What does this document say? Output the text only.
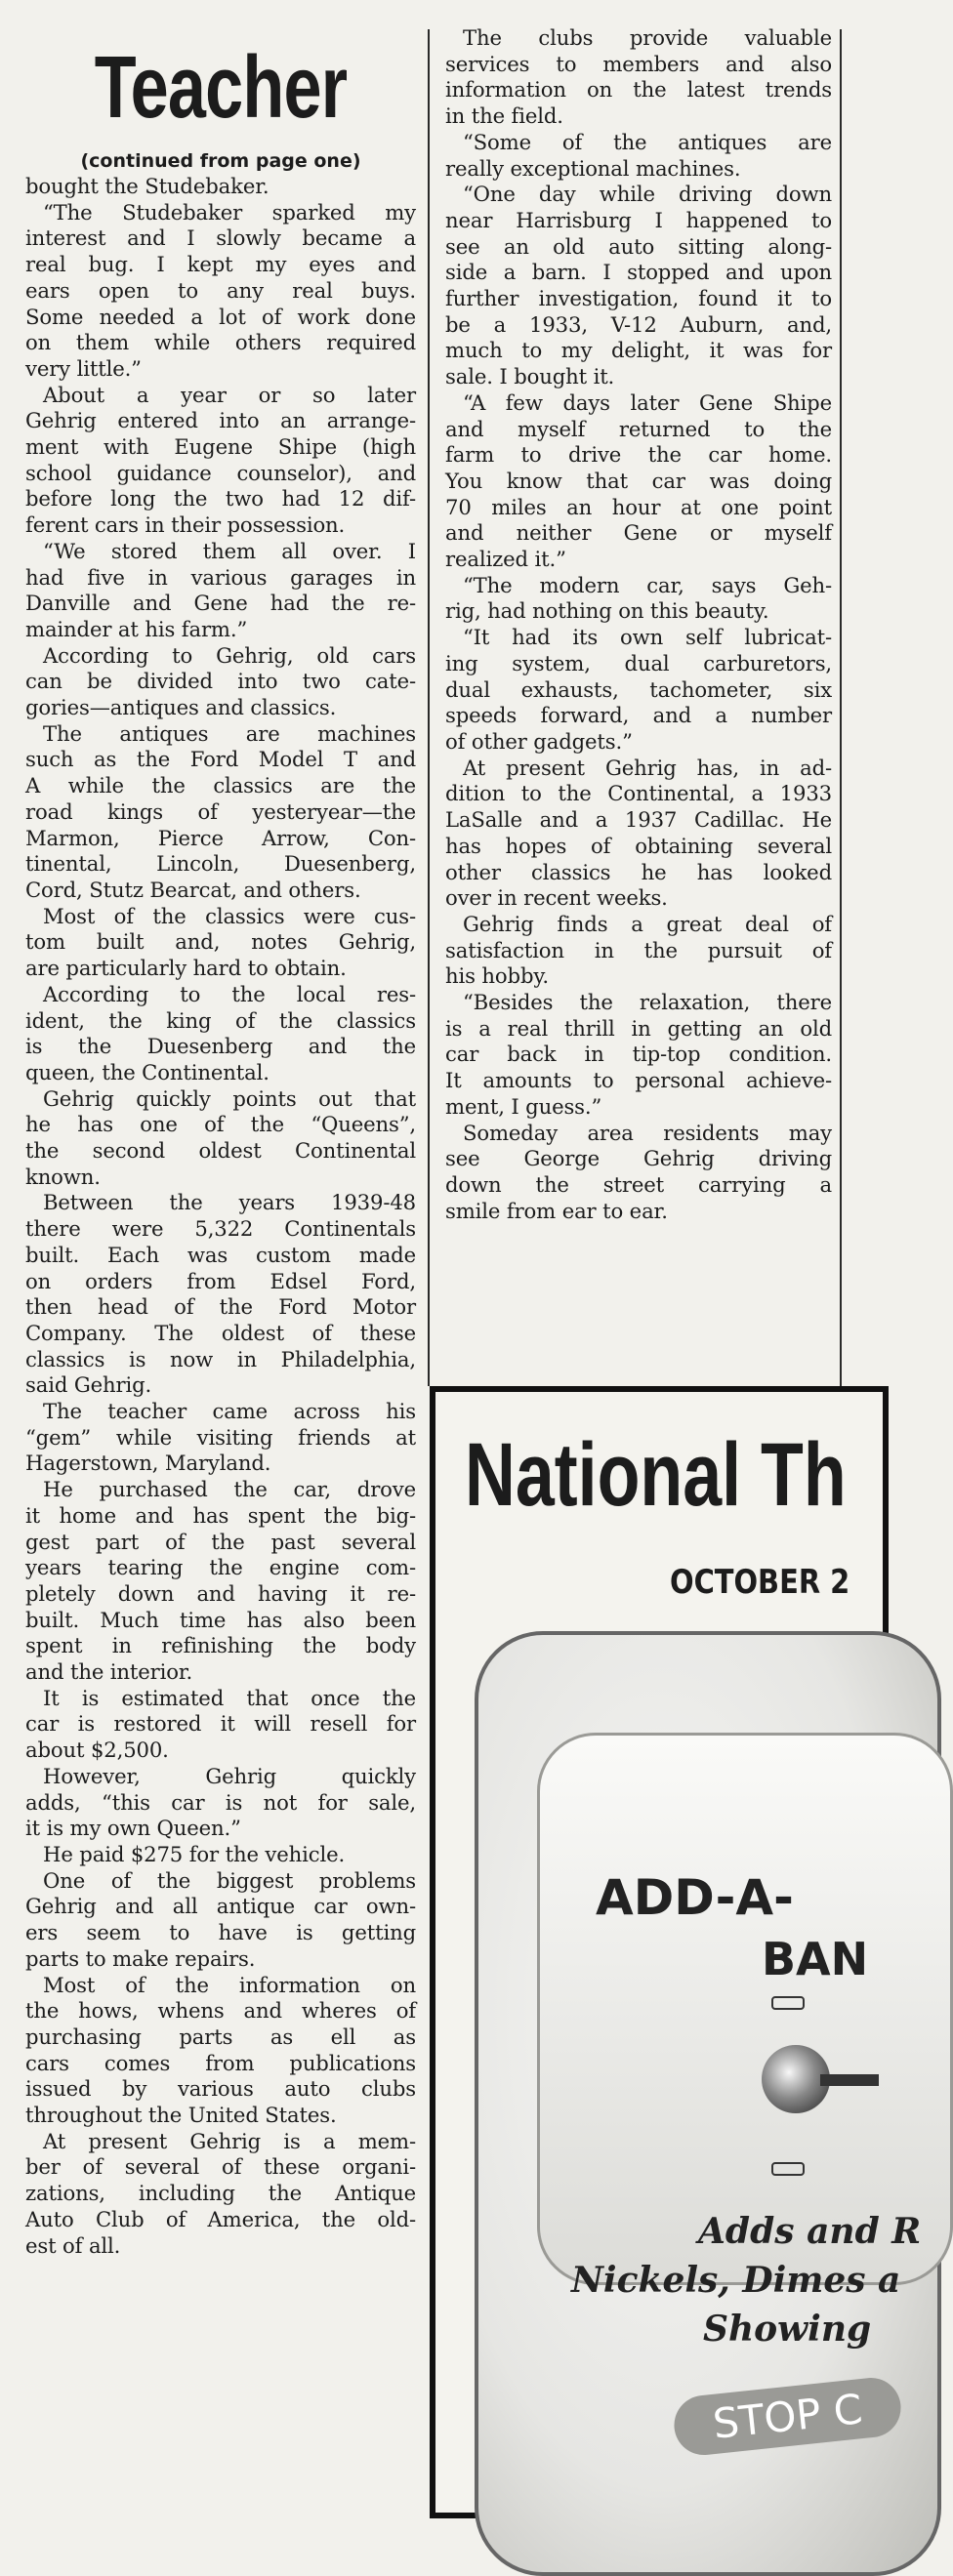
Teacher
(continued from page one)
bought the Studebaker.
“The Studebaker sparked my
interest and I slowly became a
real bug. I kept my eyes and
ears open to any real buys.
Some needed a lot of work done
on them while others required
very little.”
About a year or so later
Gehrig entered into an arrange-
ment with Eugene Shipe (high
school guidance counselor), and
before long the two had 12 dif-
ferent cars in their possession.
“We stored them all over. I
had five in various garages in
Danville and Gene had the re-
mainder at his farm.”
According to Gehrig, old cars
can be divided into two cate-
gories—antiques and classics.
The antiques are machines
such as the Ford Model T and
A while the classics are the
road kings of yesteryear—the
Marmon, Pierce Arrow, Con-
tinental, Lincoln, Duesenberg,
Cord, Stutz Bearcat, and others.
Most of the classics were cus-
tom built and, notes Gehrig,
are particularly hard to obtain.
According to the local res-
ident, the king of the classics
is the Duesenberg and the
queen, the Continental.
Gehrig quickly points out that
he has one of the “Queens”,
the second oldest Continental
known.
Between the years 1939-48
there were 5,322 Continentals
built. Each was custom made
on orders from Edsel Ford,
then head of the Ford Motor
Company. The oldest of these
classics is now in Philadelphia,
said Gehrig.
The teacher came across his
“gem” while visiting friends at
Hagerstown, Maryland.
He purchased the car, drove
it home and has spent the big-
gest part of the past several
years tearing the engine com-
pletely down and having it re-
built. Much time has also been
spent in refinishing the body
and the interior.
It is estimated that once the
car is restored it will resell for
about $2,500.
However, Gehrig quickly
adds, “this car is not for sale,
it is my own Queen.”
He paid $275 for the vehicle.
One of the biggest problems
Gehrig and all antique car own-
ers seem to have is getting
parts to make repairs.
Most of the information on
the hows, whens and wheres of
purchasing parts as ell as
cars comes from publications
issued by various auto clubs
throughout the United States.
At present Gehrig is a mem-
ber of several of these organi-
zations, including the Antique
Auto Club of America, the old-
est of all.
The clubs provide valuable
services to members and also
information on the latest trends
in the field.
“Some of the antiques are
really exceptional machines.
“One day while driving down
near Harrisburg I happened to
see an old auto sitting along-
side a barn. I stopped and upon
further investigation, found it to
be a 1933, V-12 Auburn, and,
much to my delight, it was for
sale. I bought it.
“A few days later Gene Shipe
and myself returned to the
farm to drive the car home.
You know that car was doing
70 miles an hour at one point
and neither Gene or myself
realized it.”
“The modern car, says Geh-
rig, had nothing on this beauty.
“It had its own self lubricat-
ing system, dual carburetors,
dual exhausts, tachometer, six
speeds forward, and a number
of other gadgets.”
At present Gehrig has, in ad-
dition to the Continental, a 1933
LaSalle and a 1937 Cadillac. He
has hopes of obtaining several
other classics he has looked
over in recent weeks.
Gehrig finds a great deal of
satisfaction in the pursuit of
his hobby.
“Besides the relaxation, there
is a real thrill in getting an old
car back in tip-top condition.
It amounts to personal achieve-
ment, I guess.”
Someday area residents may
see George Gehrig driving
down the street carrying a
smile from ear to ear.
National Th
OCTOBER 2
ADD-A-
BAN
Adds and R
Nickels, Dimes a
Showing
STOP C
